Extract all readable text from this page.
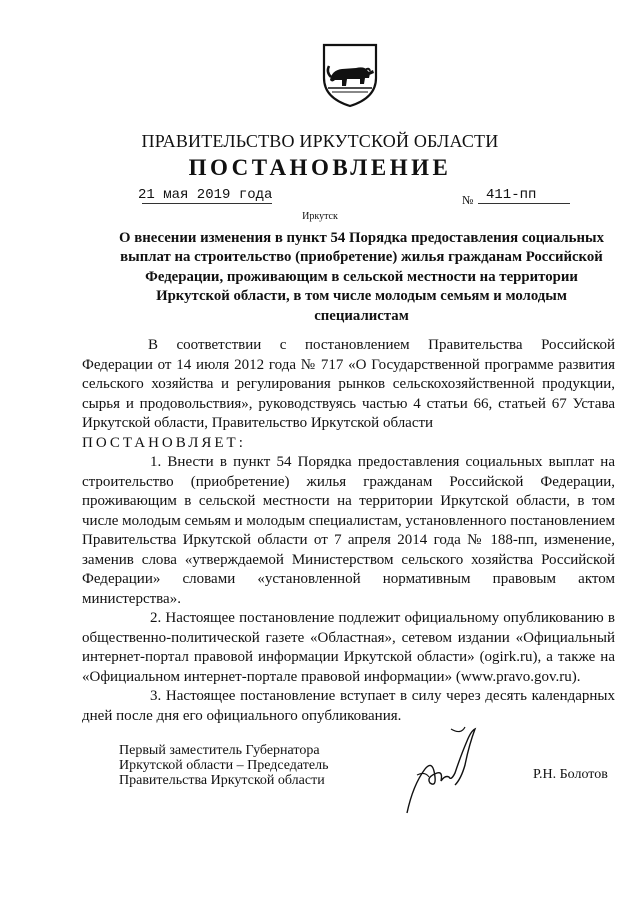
ПРАВИТЕЛЬСТВО ИРКУТСКОЙ ОБЛАСТИ
ПОСТАНОВЛЕНИЕ
21 мая 2019 года	№ 411-пп
Иркутск
О внесении изменения в пункт 54 Порядка предоставления социальных выплат на строительство (приобретение) жилья гражданам Российской Федерации, проживающим в сельской местности на территории Иркутской области, в том числе молодым семьям и молодым специалистам

В соответствии с постановлением Правительства Российской Федерации от 14 июля 2012 года № 717 «О Государственной программе развития сельского хозяйства и регулирования рынков сельскохозяйственной продукции, сырья и продовольствия», руководствуясь частью 4 статьи 66, статьей 67 Устава Иркутской области, Правительство Иркутской области

ПОСТАНОВЛЯЕТ:

1. Внести в пункт 54 Порядка предоставления социальных выплат на строительство (приобретение) жилья гражданам Российской Федерации, проживающим в сельской местности на территории Иркутской области, в том числе молодым семьям и молодым специалистам, установленного постановлением Правительства Иркутской области от 7 апреля 2014 года № 188-пп, изменение, заменив слова «утверждаемой Министерством сельского хозяйства Российской Федерации» словами «установленной нормативным правовым актом министерства».

2. Настоящее постановление подлежит официальному опубликованию в общественно-политической газете «Областная», сетевом издании «Официальный интернет-портал правовой информации Иркутской области» (ogirk.ru), а также на «Официальном интернет-портале правовой информации» (www.pravo.gov.ru).

3. Настоящее постановление вступает в силу через десять календарных дней после дня его официального опубликования.

Первый заместитель Губернатора
Иркутской области – Председатель
Правительства Иркутской области	Р.Н. Болотов
